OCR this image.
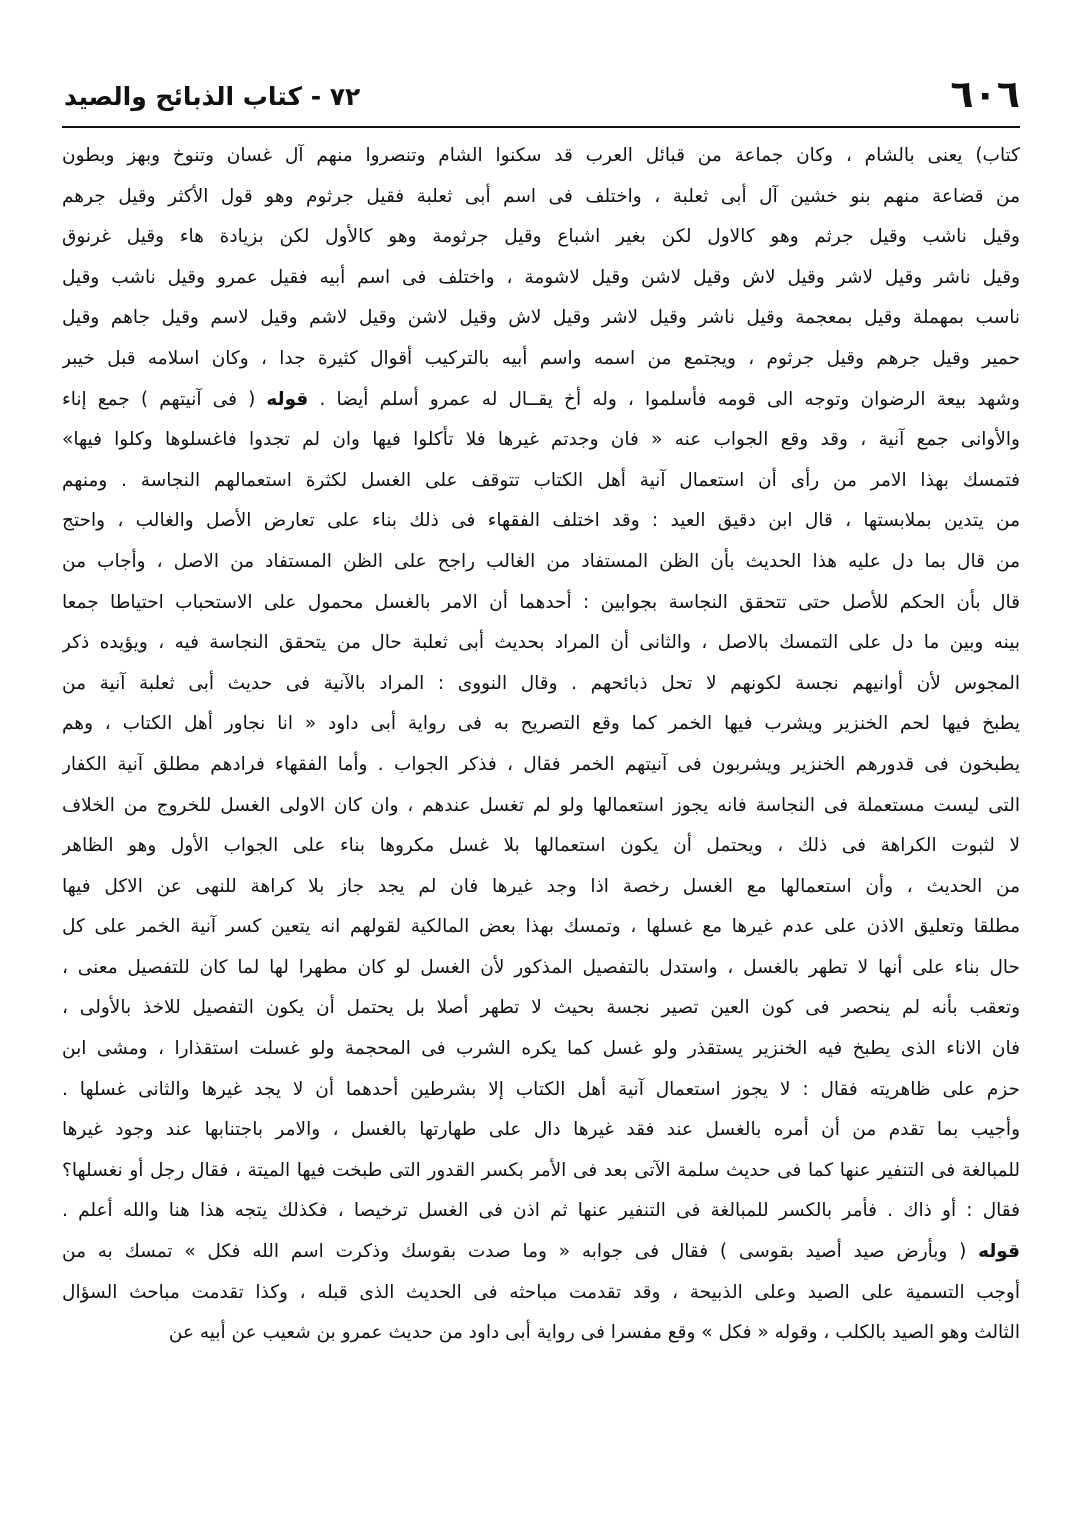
٦٠٦
٧٢ - كتاب الذبائح والصيد
كتاب) يعنى بالشام ، وكان جماعة من قبائل العرب قد سكنوا الشام وتنصروا منهم آل غسان وتنوخ وبهز وبطون
من قضاعة منهم بنو خشين آل أبى ثعلبة ، واختلف فى اسم أبى ثعلبة فقيل جرثوم وهو قول الأكثر وقيل جرهم
وقيل ناشب وقيل جرثم وهو كالاول لكن بغير اشباع وقيل جرثومة وهو كالأول لكن بزيادة هاء وقيل غرنوق
وقيل ناشر وقيل لاشر وقيل لاش وقيل لاشن وقيل لاشومة ، واختلف فى اسم أبيه فقيل عمرو وقيل ناشب وقيل
ناسب بمهملة وقيل بمعجمة وقيل ناشر وقيل لاشر وقيل لاش وقيل لاشن وقيل لاشم وقيل لاسم وقيل جاهم وقيل
حمير وقيل جرهم وقيل جرثوم ، ويجتمع من اسمه واسم أبيه بالتركيب أقوال كثيرة جدا ، وكان اسلامه قبل خيبر
وشهد بيعة الرضوان وتوجه الى قومه فأسلموا ، وله أخ يقــال له عمرو أسلم أيضا . قوله ( فى آنيتهم ) جمع إناء
والأوانى جمع آنية ، وقد وقع الجواب عنه « فان وجدتم غيرها فلا تأكلوا فيها وان لم تجدوا فاغسلوها وكلوا فيها»
فتمسك بهذا الامر من رأى أن استعمال آنية أهل الكتاب تتوقف على الغسل لكثرة استعمالهم النجاسة . ومنهم
من يتدين بملابستها ، قال ابن دقيق العيد : وقد اختلف الفقهاء فى ذلك بناء على تعارض الأصل والغالب ، واحتج
من قال بما دل عليه هذا الحديث بأن الظن المستفاد من الغالب راجح على الظن المستفاد من الاصل ، وأجاب من
قال بأن الحكم للأصل حتى تتحقق النجاسة بجوابين : أحدهما أن الامر بالغسل محمول على الاستحباب احتياطا جمعا
بينه وبين ما دل على التمسك بالاصل ، والثانى أن المراد بحديث أبى ثعلبة حال من يتحقق النجاسة فيه ، ويؤيده ذكر
المجوس لأن أوانيهم نجسة لكونهم لا تحل ذبائحهم . وقال النووى : المراد بالآنية فى حديث أبى ثعلبة آنية من
يطبخ فيها لحم الخنزير ويشرب فيها الخمر كما وقع التصريح به فى رواية أبى داود « انا نجاور أهل الكتاب ، وهم
يطبخون فى قدورهم الخنزير ويشربون فى آنيتهم الخمر فقال ، فذكر الجواب . وأما الفقهاء فرادهم مطلق آنية الكفار
التى ليست مستعملة فى النجاسة فانه يجوز استعمالها ولو لم تغسل عندهم ، وان كان الاولى الغسل للخروج من الخلاف
لا لثبوت الكراهة فى ذلك ، ويحتمل أن يكون استعمالها بلا غسل مكروها بناء على الجواب الأول وهو الظاهر
من الحديث ، وأن استعمالها مع الغسل رخصة اذا وجد غيرها فان لم يجد جاز بلا كراهة للنهى عن الاكل فيها
مطلقا وتعليق الاذن على عدم غيرها مع غسلها ، وتمسك بهذا بعض المالكية لقولهم انه يتعين كسر آنية الخمر على كل
حال بناء على أنها لا تطهر بالغسل ، واستدل بالتفصيل المذكور لأن الغسل لو كان مطهرا لها لما كان للتفصيل معنى ،
وتعقب بأنه لم ينحصر فى كون العين تصير نجسة بحيث لا تطهر أصلا بل يحتمل أن يكون التفصيل للاخذ بالأولى ،
فان الاناء الذى يطبخ فيه الخنزير يستقذر ولو غسل كما يكره الشرب فى المحجمة ولو غسلت استقذارا ، ومشى ابن
حزم على ظاهريته فقال : لا يجوز استعمال آنية أهل الكتاب إلا بشرطين أحدهما أن لا يجد غيرها والثانى غسلها .
وأجيب بما تقدم من أن أمره بالغسل عند فقد غيرها دال على طهارتها بالغسل ، والامر باجتنابها عند وجود غيرها
للمبالغة فى التنفير عنها كما فى حديث سلمة الآتى بعد فى الأمر بكسر القدور التى طبخت فيها الميتة ، فقال رجل أو نغسلها؟
فقال : أو ذاك . فأمر بالكسر للمبالغة فى التنفير عنها ثم اذن فى الغسل ترخيصا ، فكذلك يتجه هذا هنا والله أعلم .
قوله ( وبأرض صيد أصيد بقوسى ) فقال فى جوابه « وما صدت بقوسك وذكرت اسم الله فكل » تمسك به من
أوجب التسمية على الصيد وعلى الذبيحة ، وقد تقدمت مباحثه فى الحديث الذى قبله ، وكذا تقدمت مباحث السؤال
الثالث وهو الصيد بالكلب ، وقوله « فكل » وقع مفسرا فى رواية أبى داود من حديث عمرو بن شعيب عن أبيه عن
